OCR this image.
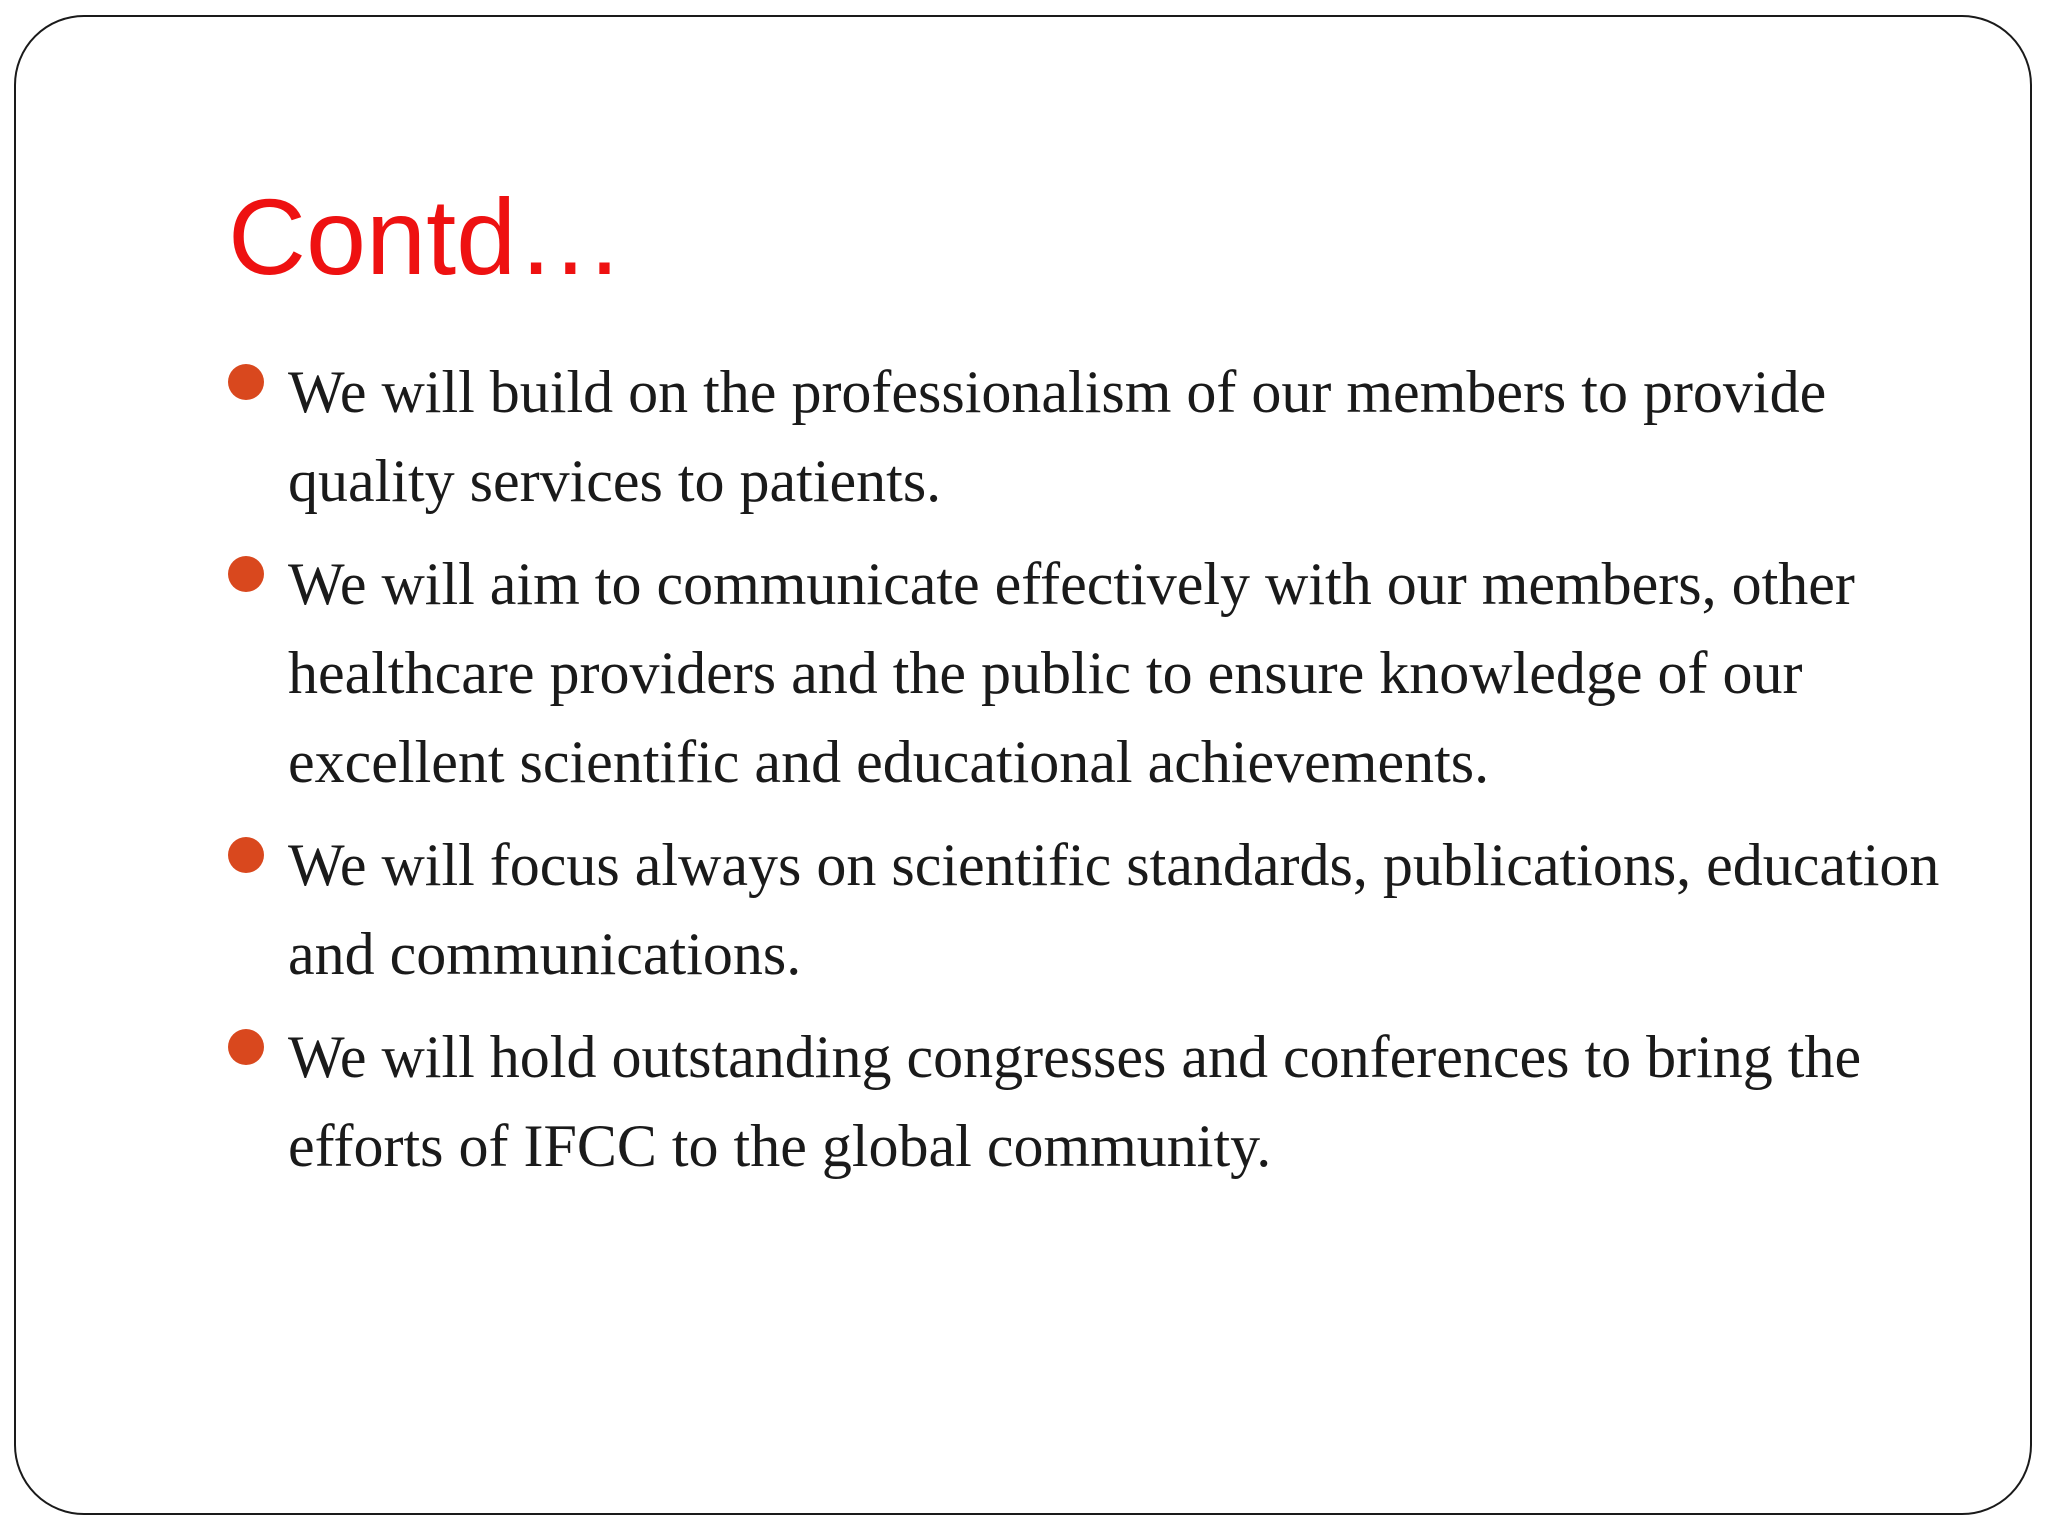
Contd…
We will build on the professionalism of our members to provide quality services to patients.
We will aim to communicate effectively with our members, other healthcare providers and the public to ensure knowledge of our excellent scientific and educational achievements.
We will focus always on scientific standards, publications, education and communications.
We will hold outstanding congresses and conferences to bring the efforts of IFCC to the global community.
